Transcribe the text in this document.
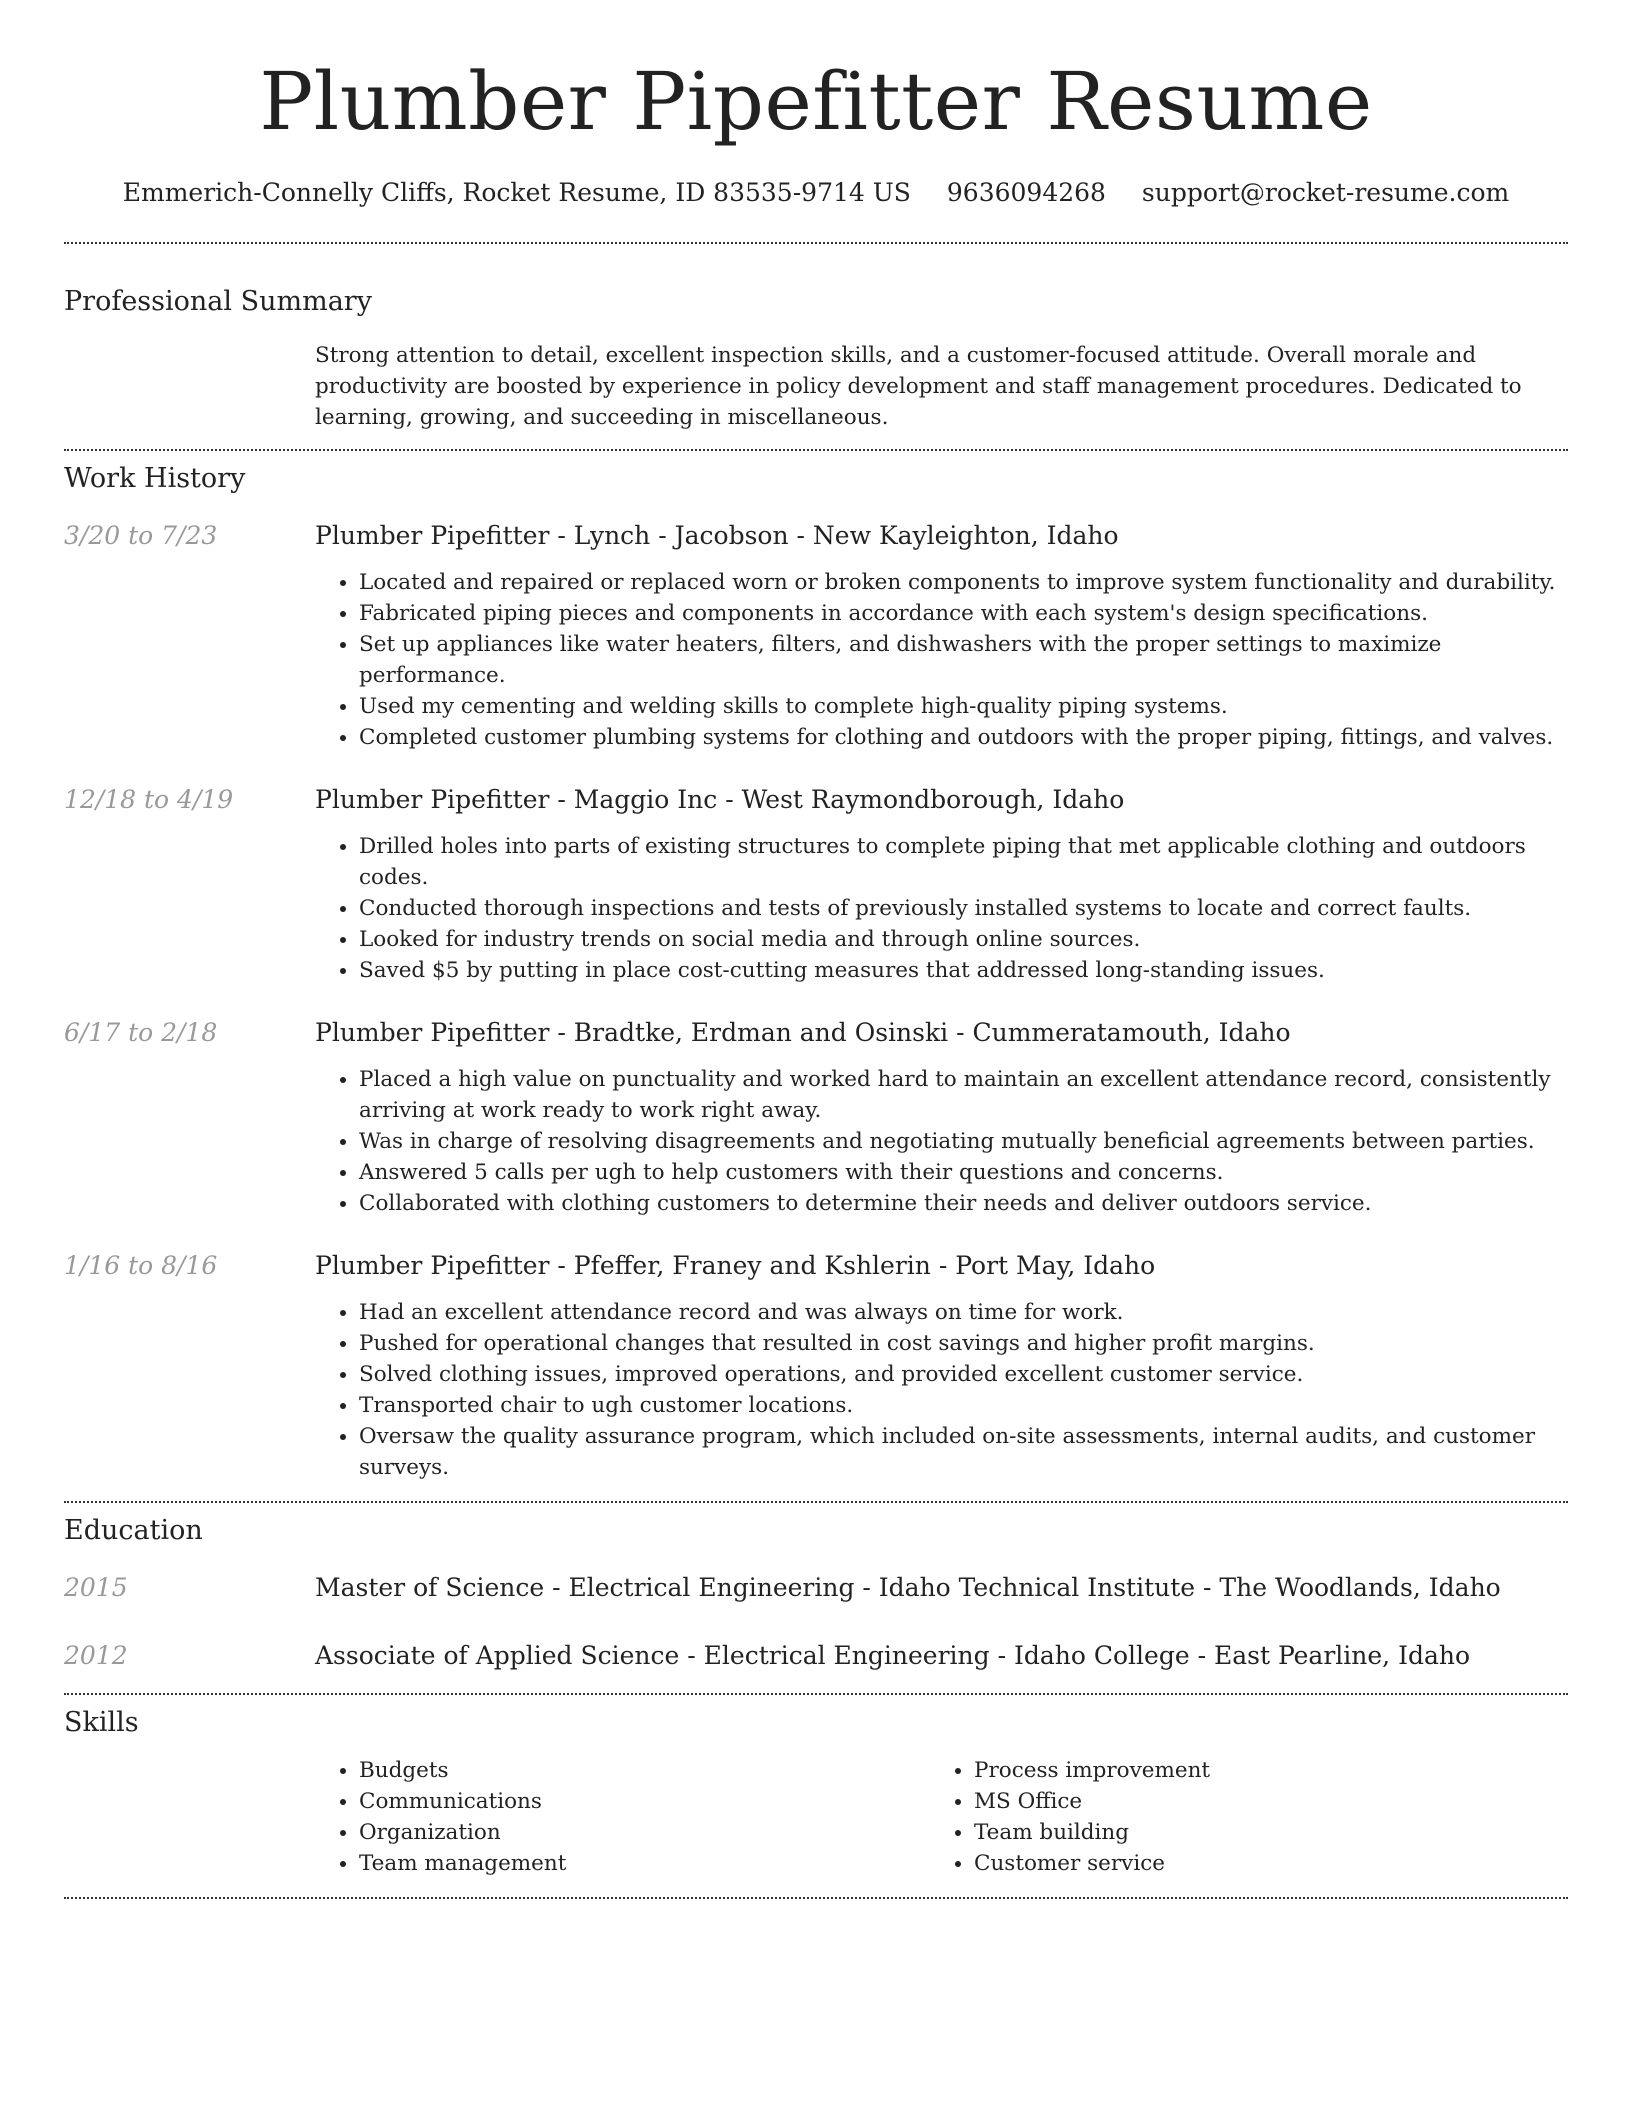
Plumber Pipefitter Resume
Emmerich-Connelly Cliffs, Rocket Resume, ID 83535-9714 US 9636094268 support@rocket-resume.com
Professional Summary
Strong attention to detail, excellent inspection skills, and a customer-focused attitude. Overall morale and productivity are boosted by experience in policy development and staff management procedures. Dedicated to learning, growing, and succeeding in miscellaneous.
Work History
3/20 to 7/23	Plumber Pipefitter - Lynch - Jacobson - New Kayleighton, Idaho
• Located and repaired or replaced worn or broken components to improve system functionality and durability.
• Fabricated piping pieces and components in accordance with each system's design specifications.
• Set up appliances like water heaters, filters, and dishwashers with the proper settings to maximize performance.
• Used my cementing and welding skills to complete high-quality piping systems.
• Completed customer plumbing systems for clothing and outdoors with the proper piping, fittings, and valves.
12/18 to 4/19	Plumber Pipefitter - Maggio Inc - West Raymondborough, Idaho
• Drilled holes into parts of existing structures to complete piping that met applicable clothing and outdoors codes.
• Conducted thorough inspections and tests of previously installed systems to locate and correct faults.
• Looked for industry trends on social media and through online sources.
• Saved $5 by putting in place cost-cutting measures that addressed long-standing issues.
6/17 to 2/18	Plumber Pipefitter - Bradtke, Erdman and Osinski - Cummeratamouth, Idaho
• Placed a high value on punctuality and worked hard to maintain an excellent attendance record, consistently arriving at work ready to work right away.
• Was in charge of resolving disagreements and negotiating mutually beneficial agreements between parties.
• Answered 5 calls per ugh to help customers with their questions and concerns.
• Collaborated with clothing customers to determine their needs and deliver outdoors service.
1/16 to 8/16	Plumber Pipefitter - Pfeffer, Franey and Kshlerin - Port May, Idaho
• Had an excellent attendance record and was always on time for work.
• Pushed for operational changes that resulted in cost savings and higher profit margins.
• Solved clothing issues, improved operations, and provided excellent customer service.
• Transported chair to ugh customer locations.
• Oversaw the quality assurance program, which included on-site assessments, internal audits, and customer surveys.
Education
2015	Master of Science - Electrical Engineering - Idaho Technical Institute - The Woodlands, Idaho
2012	Associate of Applied Science - Electrical Engineering - Idaho College - East Pearline, Idaho
Skills
• Budgets
• Communications
• Organization
• Team management
• Process improvement
• MS Office
• Team building
• Customer service
